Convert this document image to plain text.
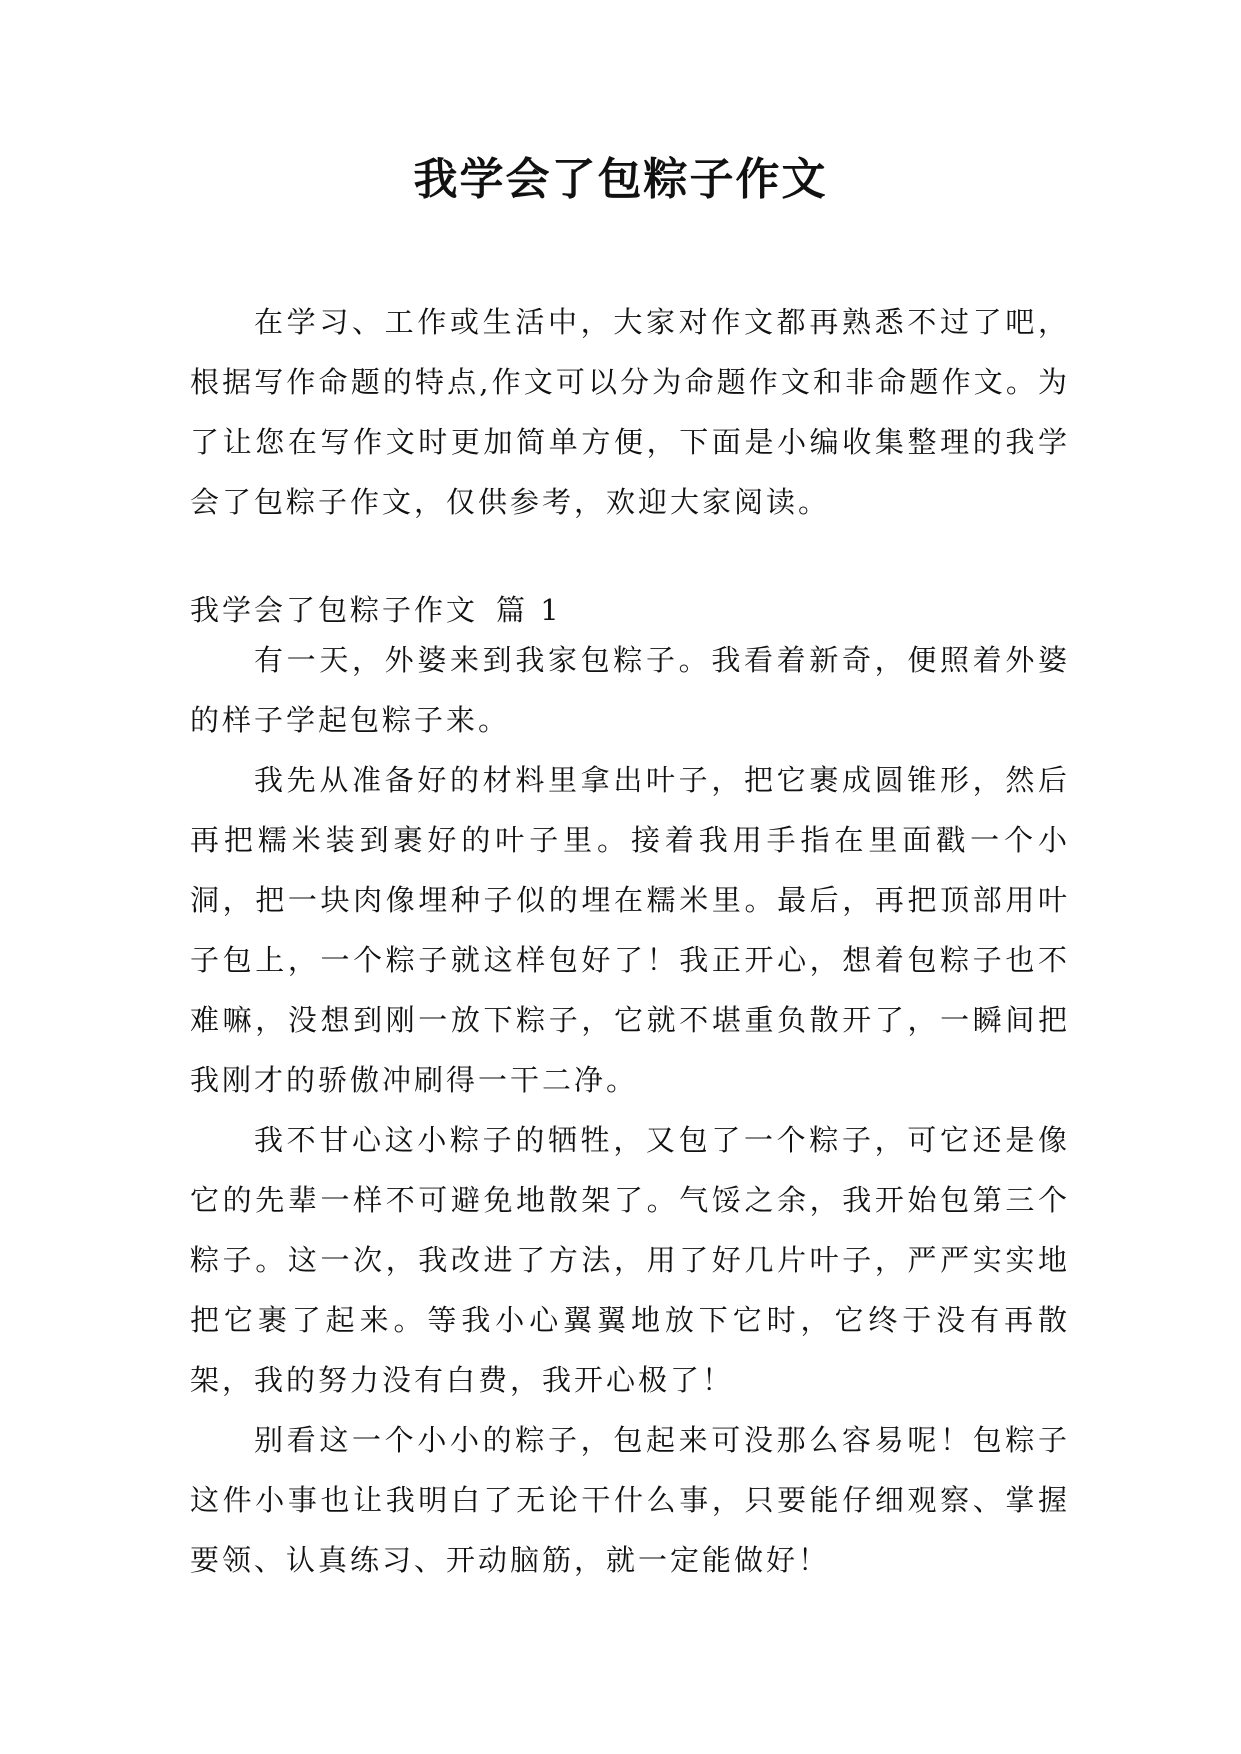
我学会了包粽子作文

在学习、工作或生活中，大家对作文都再熟悉不过了吧，根据写作命题的特点,作文可以分为命题作文和非命题作文。为了让您在写作文时更加简单方便，下面是小编收集整理的我学会了包粽子作文，仅供参考，欢迎大家阅读。

我学会了包粽子作文 篇 1

有一天，外婆来到我家包粽子。我看着新奇，便照着外婆的样子学起包粽子来。

我先从准备好的材料里拿出叶子，把它裹成圆锥形，然后再把糯米装到裹好的叶子里。接着我用手指在里面戳一个小洞，把一块肉像埋种子似的埋在糯米里。最后，再把顶部用叶子包上，一个粽子就这样包好了！我正开心，想着包粽子也不难嘛，没想到刚一放下粽子，它就不堪重负散开了，一瞬间把我刚才的骄傲冲刷得一干二净。

我不甘心这小粽子的牺牲，又包了一个粽子，可它还是像它的先辈一样不可避免地散架了。气馁之余，我开始包第三个粽子。这一次，我改进了方法，用了好几片叶子，严严实实地把它裹了起来。等我小心翼翼地放下它时，它终于没有再散架，我的努力没有白费，我开心极了！

别看这一个小小的粽子，包起来可没那么容易呢！包粽子这件小事也让我明白了无论干什么事，只要能仔细观察、掌握要领、认真练习、开动脑筋，就一定能做好！
